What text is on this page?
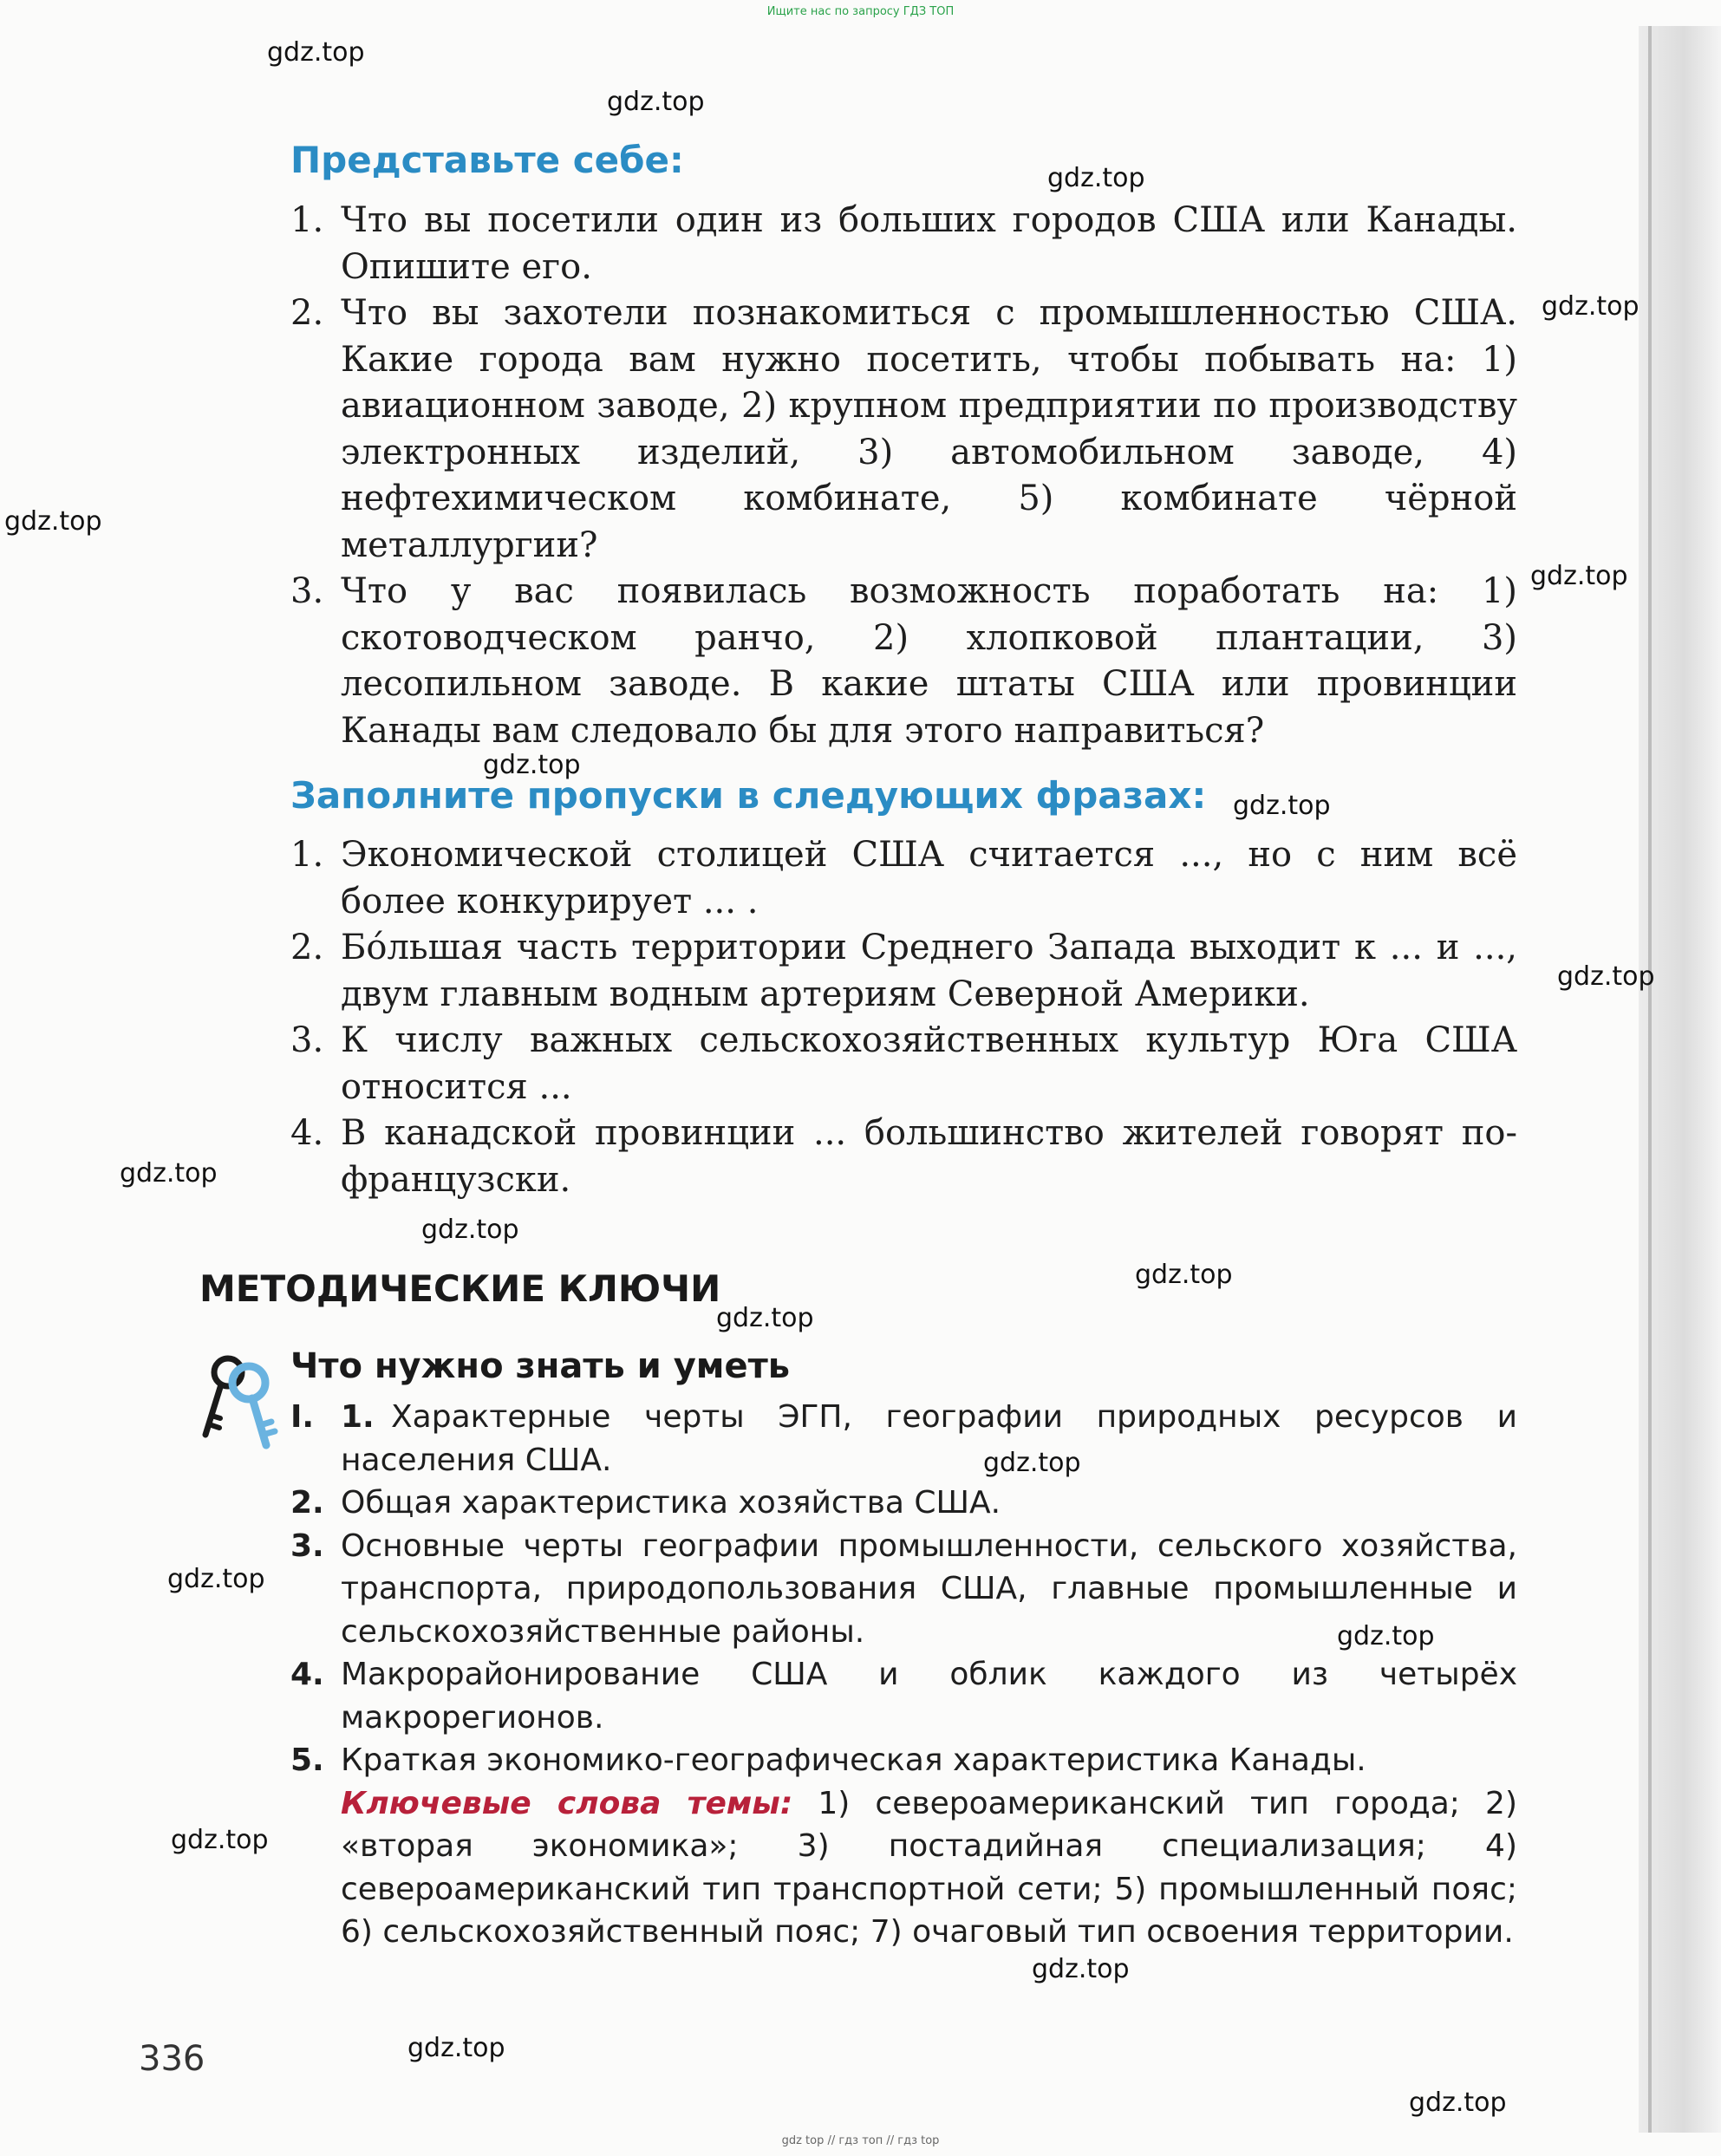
Ищите нас по запросу ГДЗ ТОП
gdz.top
gdz.top
gdz.top
gdz.top
gdz.top
gdz.top
gdz.top
gdz.top
gdz.top
gdz.top
gdz.top
gdz.top
gdz.top
gdz.top
gdz.top
gdz.top
gdz.top
gdz.top
gdz.top
gdz.top
Представьте себе:
1. Что вы посетили один из больших городов США или Канады. Опишите его.
2. Что вы захотели познакомиться с промышленностью США. Какие города вам нужно посетить, чтобы побывать на: 1) авиационном заводе, 2) крупном предприятии по производству электронных изделий, 3) автомобильном заводе, 4) нефтехимическом комбинате, 5) комбинате чёрной металлургии?
3. Что у вас появилась возможность поработать на: 1) скотоводческом ранчо, 2) хлопковой плантации, 3) лесопильном заводе. В какие штаты США или провинции Канады вам следовало бы для этого направиться?
Заполните пропуски в следующих фразах:
1. Экономической столицей США считается ..., но с ним всё более конкурирует ... .
2. Бо́льшая часть территории Среднего Запада выходит к ... и ..., двум главным водным артериям Северной Америки.
3. К числу важных сельскохозяйственных культур Юга США относится ...
4. В канадской провинции ... большинство жителей говорят по-французски.
МЕТОДИЧЕСКИЕ КЛЮЧИ
Что нужно знать и уметь
I. 1. Характерные черты ЭГП, географии природных ресурсов и населения США.
2. Общая характеристика хозяйства США.
3. Основные черты географии промышленности, сельского хозяйства, транспорта, природопользования США, главные промышленные и сельскохозяйственные районы.
4. Макрорайонирование США и облик каждого из четырёх макрорегионов.
5. Краткая экономико-географическая характеристика Канады.
Ключевые слова темы: 1) североамериканский тип города; 2) «вторая экономика»; 3) постадийная специализация; 4) североамериканский тип транспортной сети; 5) промышленный пояс; 6) сельскохозяйственный пояс; 7) очаговый тип освоения территории.
336
gdz top // гдз топ // гдз top
